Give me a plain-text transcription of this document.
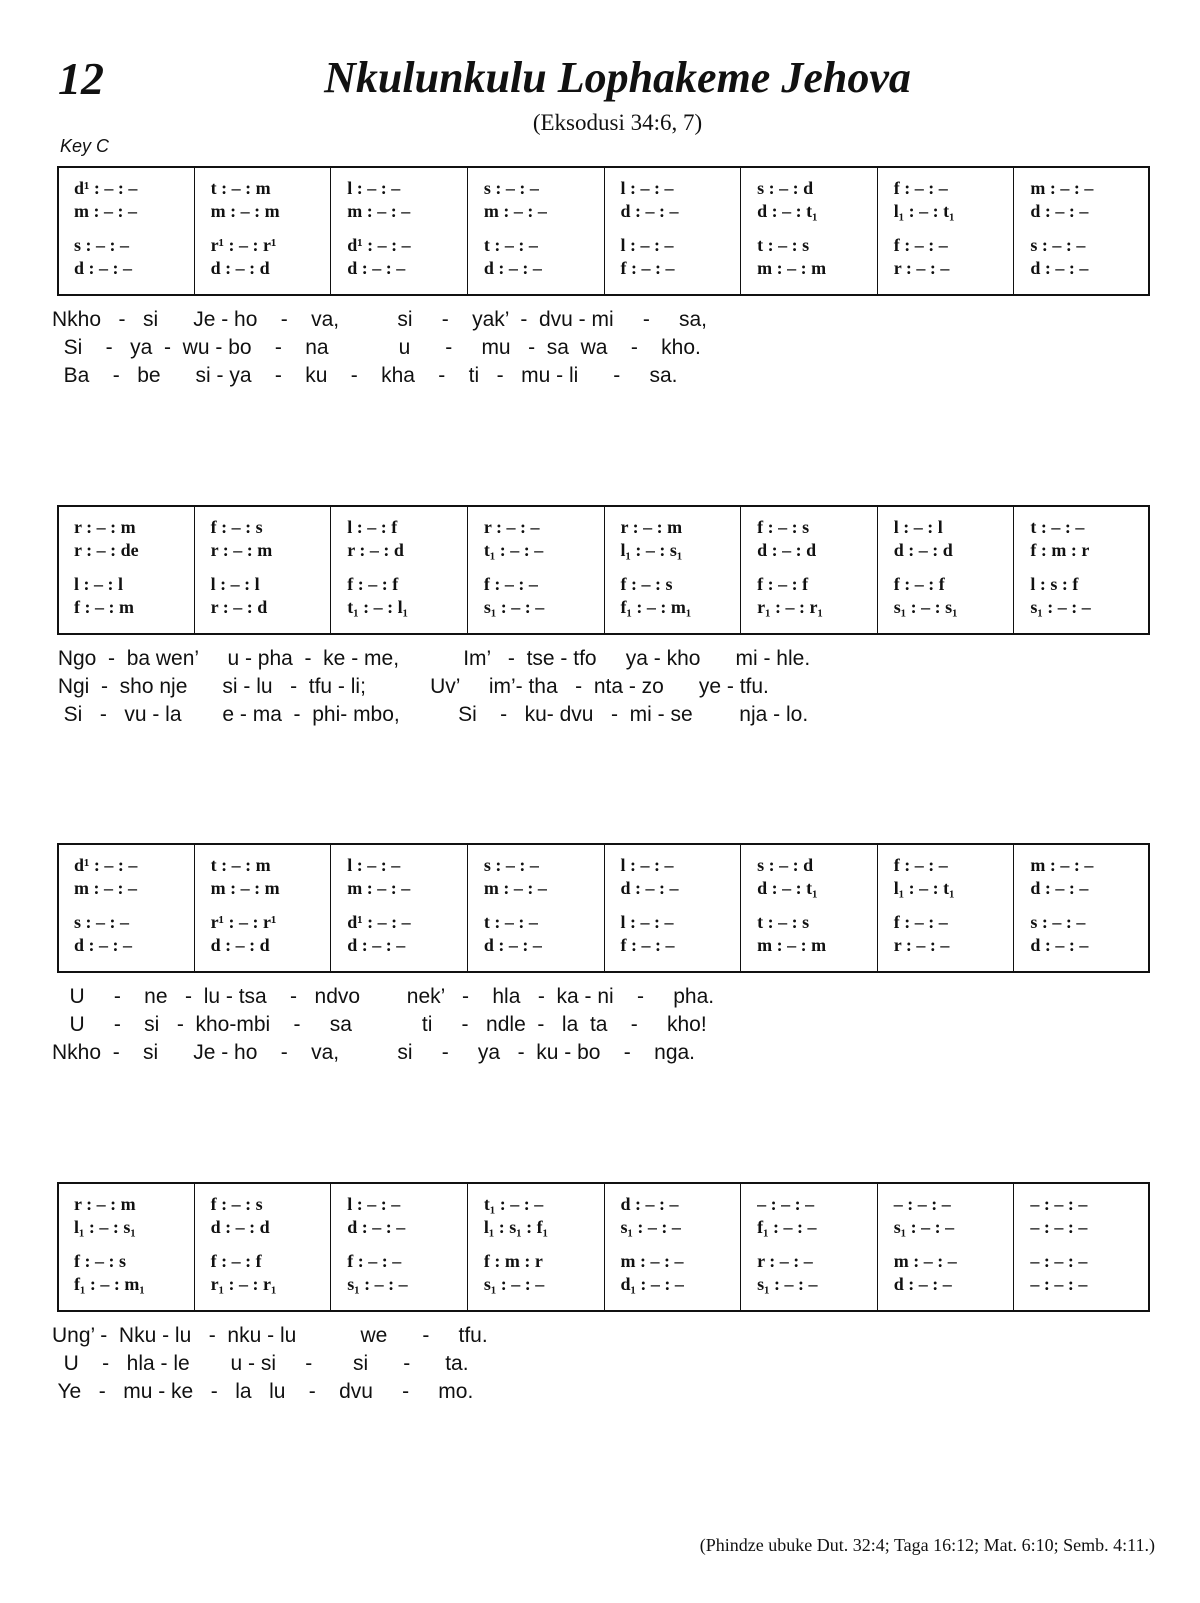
12	Nkulunkulu Lophakeme Jehova
(Eksodusi 34:6, 7)
Key C
(Phindze ubuke Dut. 32:4; Taga 16:12; Mat. 6:10; Semb. 4:11.)
d¹ : – : –	t : – : m	l : – : –	s : – : –	l : – : –	s : – : d	f : – : –	m : – : –
m : – : –	m : – : m	m : – : –	m : – : –	d : – : –	d : – : t₁	l₁ : – : t₁	d : – : –
s : – : –	r¹ : – : r¹	d¹ : – : –	t : – : –	l : – : –	t : – : s	f : – : –	s : – : –
d : – : –	d : – : d	d : – : –	d : – : –	f : – : –	m : – : m	r : – : –	d : – : –
Nkho   -   si      Je - ho    -    va,          si     -    yak’  -  dvu - mi     -     sa,
Si    -   ya  -  wu - bo    -    na            u      -     mu   -  sa  wa    -    kho.
Ba    -   be      si - ya    -    ku    -    kha    -    ti   -   mu - li      -     sa.
r : – : m	f : – : s	l : – : f	r : – : –	r : – : m	f : – : s	l : – : l	t : – : –
r : – : de	r : – : m	r : – : d	t₁ : – : –	l₁ : – : s₁	d : – : d	d : – : d	f : m : r
l : – : l	l : – : l	f : – : f	f : – : –	f : – : s	f : – : f	f : – : f	l : s : f
f : – : m	r : – : d	t₁ : – : l₁	s₁ : – : –	f₁ : – : m₁	r₁ : – : r₁	s₁ : – : s₁	s₁ : – : –
Ngo  -  ba wen’     u - pha  -  ke - me,           Im’   -  tse - tfo     ya - kho      mi - hle.
Ngi  -  sho nje      si - lu   -  tfu - li;           Uv’     im’- tha   -  nta - zo      ye - tfu.
Si   -   vu - la       e - ma  -  phi- mbo,          Si    -   ku- dvu   -  mi - se        nja - lo.
d¹ : – : –	t : – : m	l : – : –	s : – : –	l : – : –	s : – : d	f : – : –	m : – : –
m : – : –	m : – : m	m : – : –	m : – : –	d : – : –	d : – : t₁	l₁ : – : t₁	d : – : –
s : – : –	r¹ : – : r¹	d¹ : – : –	t : – : –	l : – : –	t : – : s	f : – : –	s : – : –
d : – : –	d : – : d	d : – : –	d : – : –	f : – : –	m : – : m	r : – : –	d : – : –
U     -    ne   -  lu - tsa    -   ndvo        nek’   -    hla   -  ka - ni    -     pha.
U     -    si   -  kho-mbi    -     sa            ti     -   ndle  -   la  ta    -     kho!
Nkho  -    si      Je - ho    -    va,          si     -     ya   -  ku - bo    -    nga.
r : – : m	f : – : s	l : – : –	t₁ : – : –	d : – : –	– : – : –	– : – : –	– : – : –
l₁ : – : s₁	d : – : d	d : – : –	l₁ : s₁ : f₁	s₁ : – : –	f₁ : – : –	s₁ : – : –	– : – : –
f : – : s	f : – : f	f : – : –	f : m : r	m : – : –	r : – : –	m : – : –	– : – : –
f₁ : – : m₁	r₁ : – : r₁	s₁ : – : –	s₁ : – : –	d₁ : – : –	s₁ : – : –	d : – : –	– : – : –
Ung’ -  Nku - lu   -  nku - lu           we      -     tfu.
U    -   hla - le       u - si     -       si      -      ta.
Ye   -   mu - ke   -   la   lu    -    dvu     -     mo.
